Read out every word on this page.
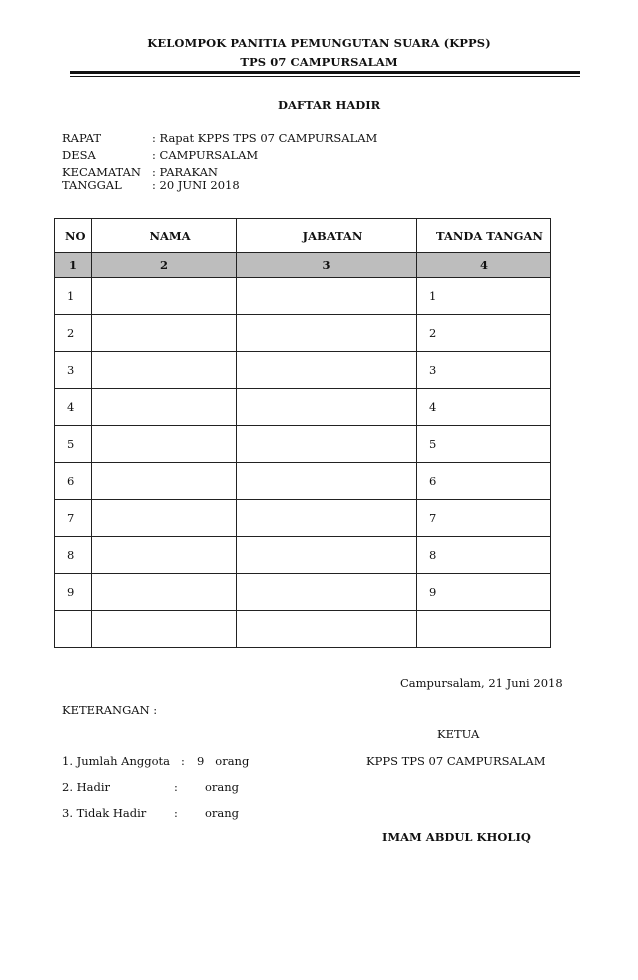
KELOMPOK PANITIA PEMUNGUTAN SUARA (KPPS)
TPS 07 CAMPURSALAM
DAFTAR HADIR
RAPAT	: Rapat KPPS TPS 07 CAMPURSALAM
DESA	: CAMPURSALAM
KECAMATAN : PARAKAN
TANGGAL	: 20 JUNI 2018
NO	NAMA	JABATAN	TANDA TANGAN
1	2	3	4
1			1
2			2
3			3
4			4
5			5
6			6
7			7
8			8
9			9

Campursalam, 21 Juni 2018
KETERANGAN :
1. Jumlah Anggota : 9   orang
2. Hadir	: orang
3. Tidak Hadir : orang
KETUA
KPPS TPS 07 CAMPURSALAM
IMAM ABDUL KHOLIQ
